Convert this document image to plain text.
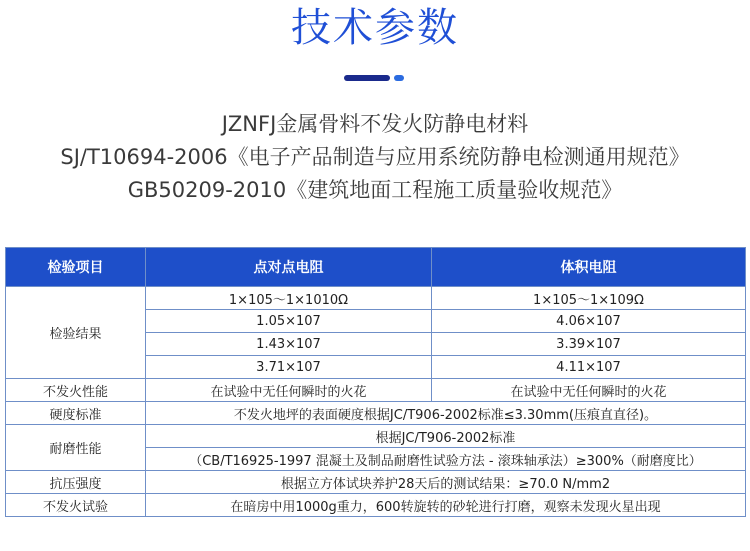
技术参数
JZNFJ金属骨料不发火防静电材料
SJ/T10694-2006《电子产品制造与应用系统防静电检测通用规范》
GB50209-2010《建筑地面工程施工质量验收规范》
检验项目	点对点电阻	体积电阻
检验结果	1×105～1×1010Ω	1×105～1×109Ω
	1.05×107	4.06×107
	1.43×107	3.39×107
	3.71×107	4.11×107
不发火性能	在试验中无任何瞬时的火花	在试验中无任何瞬时的火花
硬度标准	不发火地坪的表面硬度根据JC/T906-2002标准≤3.30mm(压痕直直径)。	
耐磨性能	根据JC/T906-2002标准	
	（CB/T16925-1997 混凝土及制品耐磨性试验方法 - 滚珠轴承法）≥300%（耐磨度比）	
抗压强度	根据立方体试块养护28天后的测试结果：≥70.0 N/mm2	
不发火试验	在暗房中用1000g重力，600转旋转的砂轮进行打磨，观察未发现火星出现	
